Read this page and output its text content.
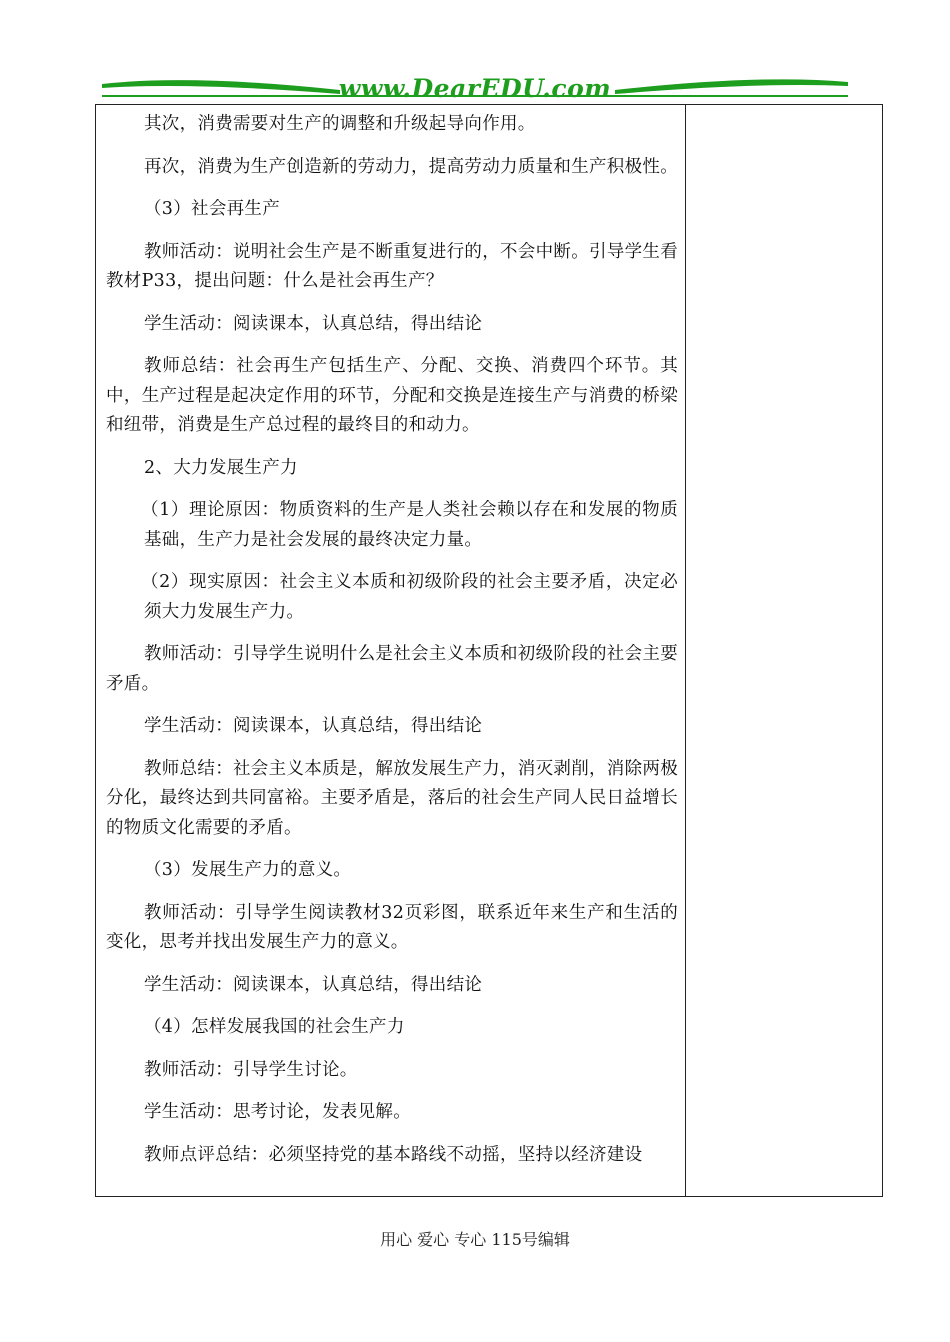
www.DearEDU.com

其次，消费需要对生产的调整和升级起导向作用。

再次，消费为生产创造新的劳动力，提高劳动力质量和生产积极性。

（3）社会再生产

教师活动：说明社会生产是不断重复进行的，不会中断。引导学生看教材P33，提出问题：什么是社会再生产？

学生活动：阅读课本，认真总结，得出结论

教师总结：社会再生产包括生产、分配、交换、消费四个环节。其中，生产过程是起决定作用的环节，分配和交换是连接生产与消费的桥梁和纽带，消费是生产总过程的最终目的和动力。

2、大力发展生产力

（1）理论原因：物质资料的生产是人类社会赖以存在和发展的物质基础，生产力是社会发展的最终决定力量。

（2）现实原因：社会主义本质和初级阶段的社会主要矛盾，决定必须大力发展生产力。

教师活动：引导学生说明什么是社会主义本质和初级阶段的社会主要矛盾。

学生活动：阅读课本，认真总结，得出结论

教师总结：社会主义本质是，解放发展生产力，消灭剥削，消除两极分化，最终达到共同富裕。主要矛盾是，落后的社会生产同人民日益增长的物质文化需要的矛盾。

（3）发展生产力的意义。

教师活动：引导学生阅读教材32页彩图，联系近年来生产和生活的变化，思考并找出发展生产力的意义。

学生活动：阅读课本，认真总结，得出结论

（4）怎样发展我国的社会生产力

教师活动：引导学生讨论。

学生活动：思考讨论，发表见解。

教师点评总结：必须坚持党的基本路线不动摇，坚持以经济建设

用心 爱心 专心 115号编辑
